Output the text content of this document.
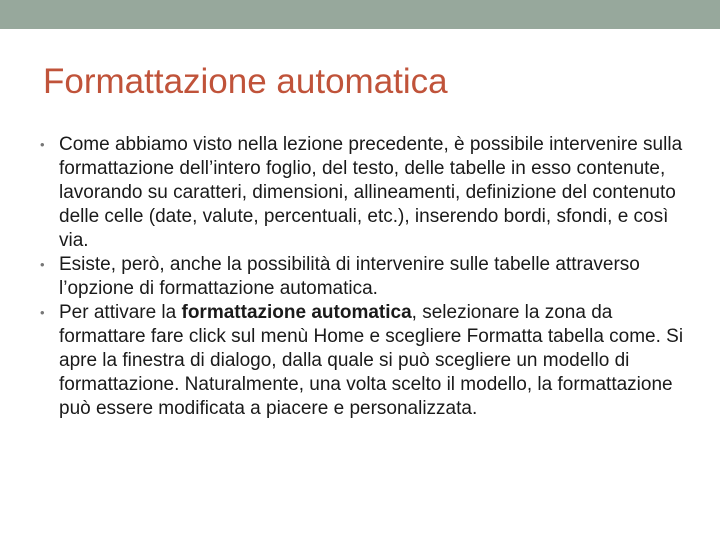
Formattazione automatica
• Come abbiamo visto nella lezione precedente, è possibile intervenire sulla formattazione dell’intero foglio, del testo, delle tabelle in esso contenute, lavorando su caratteri, dimensioni, allineamenti, definizione del contenuto delle celle (date, valute, percentuali, etc.), inserendo bordi, sfondi, e così via.
• Esiste, però, anche la possibilità di intervenire sulle tabelle attraverso l’opzione di formattazione automatica.
• Per attivare la formattazione automatica, selezionare la zona da formattare fare click sul menù Home e scegliere Formatta tabella come. Si apre la finestra di dialogo, dalla quale si può scegliere un modello di formattazione. Naturalmente, una volta scelto il modello, la formattazione può essere modificata a piacere e personalizzata.
